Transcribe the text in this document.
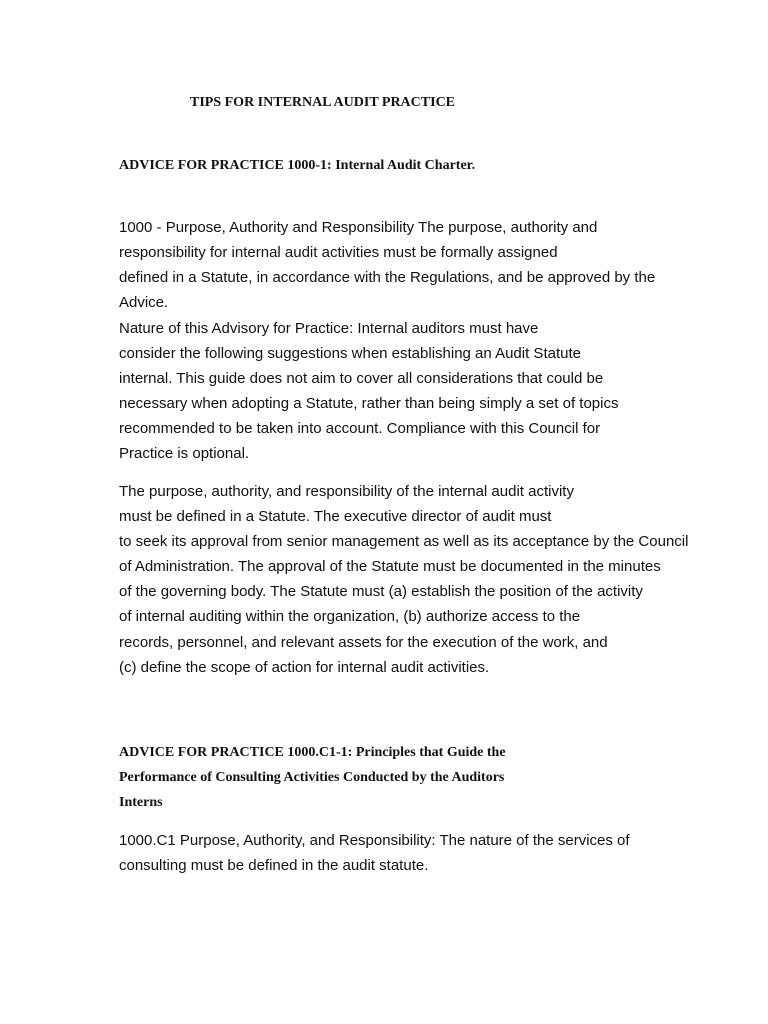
TIPS FOR INTERNAL AUDIT PRACTICE
ADVICE FOR PRACTICE 1000-1: Internal Audit Charter.
1000 - Purpose, Authority and Responsibility The purpose, authority and
responsibility for internal audit activities must be formally assigned
defined in a Statute, in accordance with the Regulations, and be approved by the
Advice.
Nature of this Advisory for Practice: Internal auditors must have
consider the following suggestions when establishing an Audit Statute
internal. This guide does not aim to cover all considerations that could be
necessary when adopting a Statute, rather than being simply a set of topics
recommended to be taken into account. Compliance with this Council for
Practice is optional.
The purpose, authority, and responsibility of the internal audit activity
must be defined in a Statute. The executive director of audit must
to seek its approval from senior management as well as its acceptance by the Council
of Administration. The approval of the Statute must be documented in the minutes
of the governing body. The Statute must (a) establish the position of the activity
of internal auditing within the organization, (b) authorize access to the
records, personnel, and relevant assets for the execution of the work, and
(c) define the scope of action for internal audit activities.
ADVICE FOR PRACTICE 1000.C1-1: Principles that Guide the
Performance of Consulting Activities Conducted by the Auditors
Interns
1000.C1 Purpose, Authority, and Responsibility: The nature of the services of
consulting must be defined in the audit statute.
